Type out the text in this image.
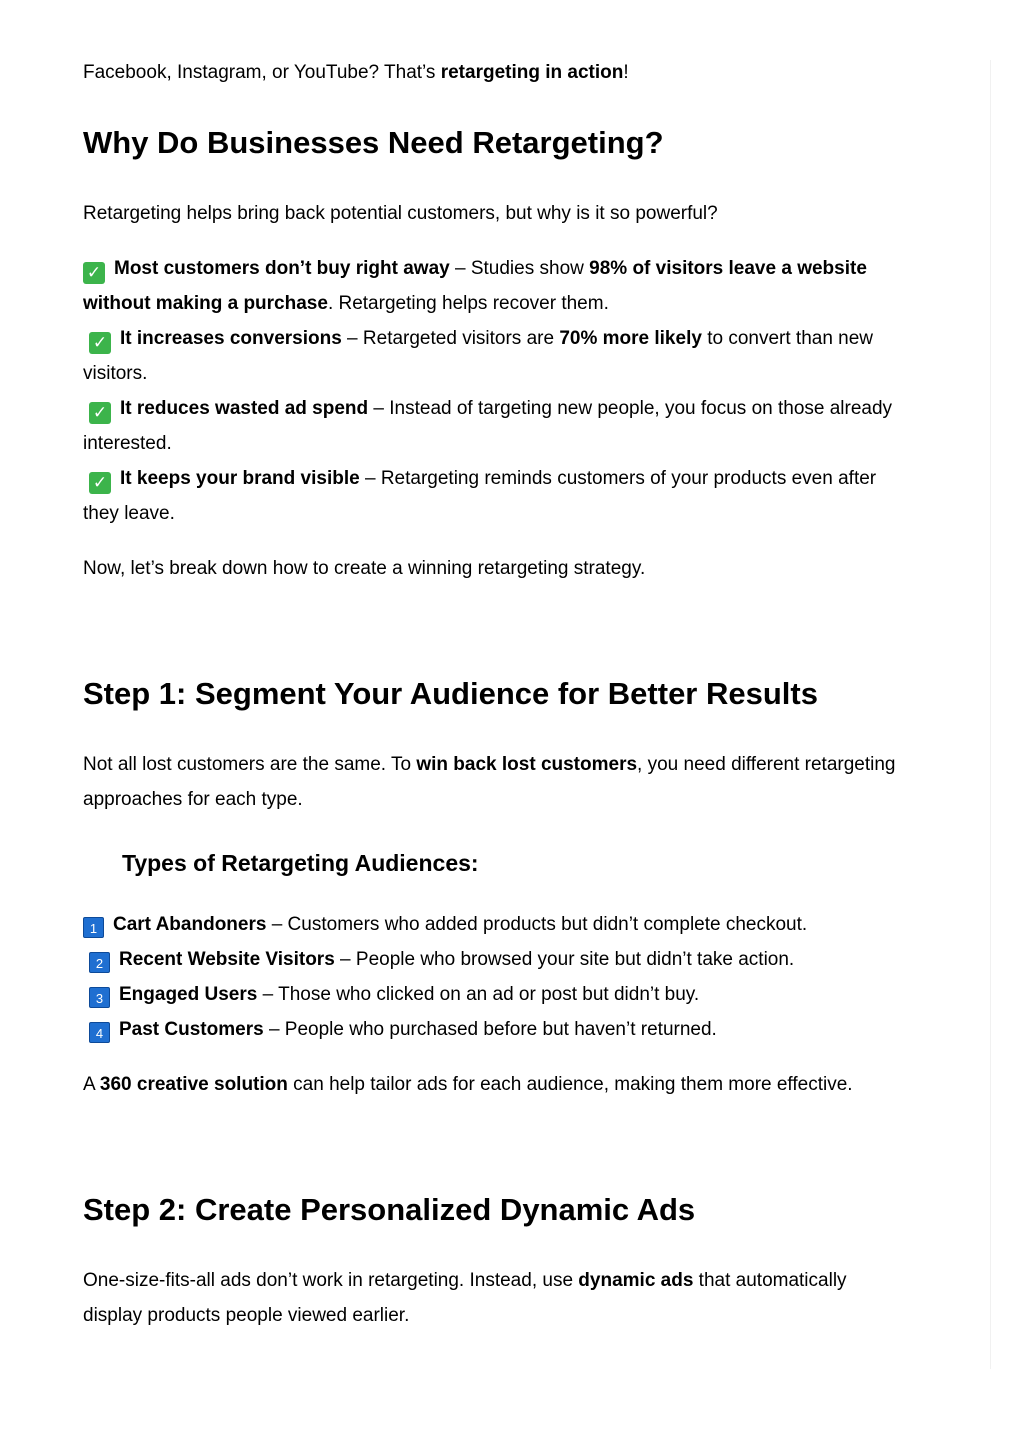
Facebook, Instagram, or YouTube? That’s retargeting in action!
Why Do Businesses Need Retargeting?
Retargeting helps bring back potential customers, but why is it so powerful?
✓ Most customers don’t buy right away – Studies show 98% of visitors leave a website
without making a purchase. Retargeting helps recover them.
✓ It increases conversions – Retargeted visitors are 70% more likely to convert than new
visitors.
✓ It reduces wasted ad spend – Instead of targeting new people, you focus on those already
interested.
✓ It keeps your brand visible – Retargeting reminds customers of your products even after
they leave.
Now, let’s break down how to create a winning retargeting strategy.
Step 1: Segment Your Audience for Better Results
Not all lost customers are the same. To win back lost customers, you need different retargeting
approaches for each type.
Types of Retargeting Audiences:
1 Cart Abandoners – Customers who added products but didn’t complete checkout.
2 Recent Website Visitors – People who browsed your site but didn’t take action.
3 Engaged Users – Those who clicked on an ad or post but didn’t buy.
4 Past Customers – People who purchased before but haven’t returned.
A 360 creative solution can help tailor ads for each audience, making them more effective.
Step 2: Create Personalized Dynamic Ads
One-size-fits-all ads don’t work in retargeting. Instead, use dynamic ads that automatically
display products people viewed earlier.
